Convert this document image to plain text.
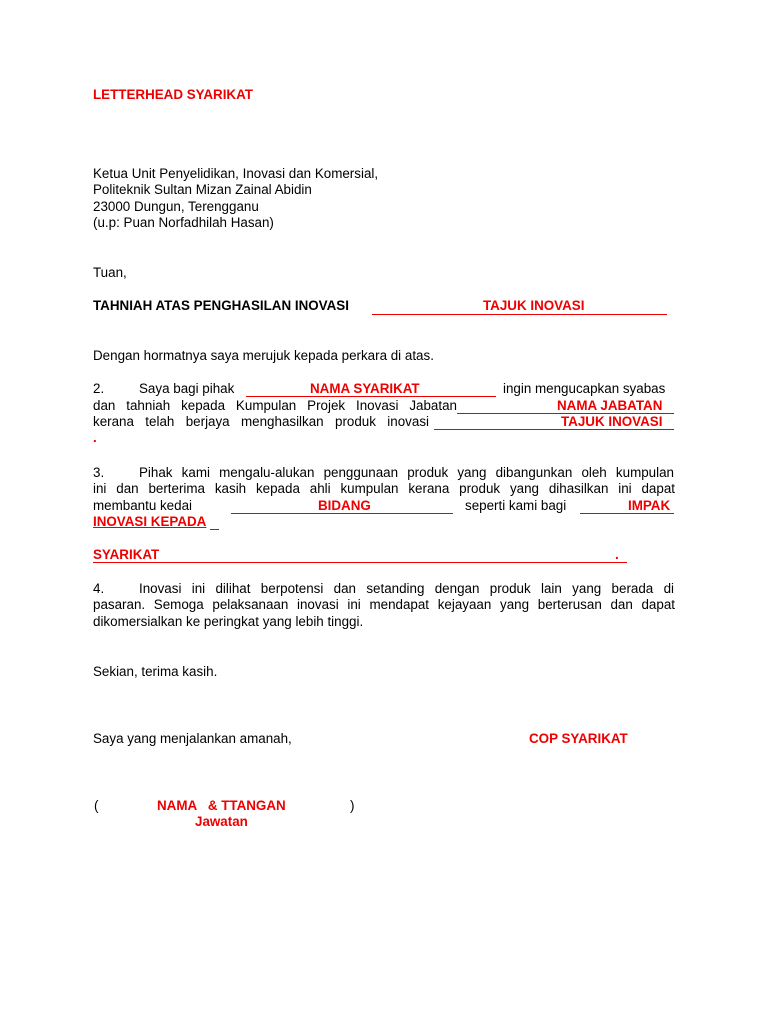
LETTERHEAD SYARIKAT
Ketua Unit Penyelidikan, Inovasi dan Komersial,
Politeknik Sultan Mizan Zainal Abidin
23000 Dungun, Terengganu
(u.p: Puan Norfadhilah Hasan)
Tuan,
TAHNIAH ATAS PENGHASILAN INOVASI	TAJUK INOVASI
Dengan hormatnya saya merujuk kepada perkara di atas.
2.	Saya bagi pihak	NAMA SYARIKAT	ingin mengucapkan syabas
dan tahniah kepada Kumpulan Projek Inovasi Jabatan	NAMA JABATAN
kerana telah berjaya menghasilkan produk inovasi	TAJUK INOVASI
.
3.	Pihak kami mengalu-alukan penggunaan produk yang dibangunkan oleh kumpulan
ini dan berterima kasih kepada ahli kumpulan kerana produk yang dihasilkan ini dapat
membantu kedai	BIDANG	seperti kami bagi	IMPAK
INOVASI KEPADA
SYARIKAT	.
4.	Inovasi ini dilihat berpotensi dan setanding dengan produk lain yang berada di
pasaran. Semoga pelaksanaan inovasi ini mendapat kejayaan yang berterusan dan dapat
dikomersialkan ke peringkat yang lebih tinggi.
Sekian, terima kasih.
Saya yang menjalankan amanah,	COP SYARIKAT
(	NAMA   & TTANGAN	)
Jawatan
